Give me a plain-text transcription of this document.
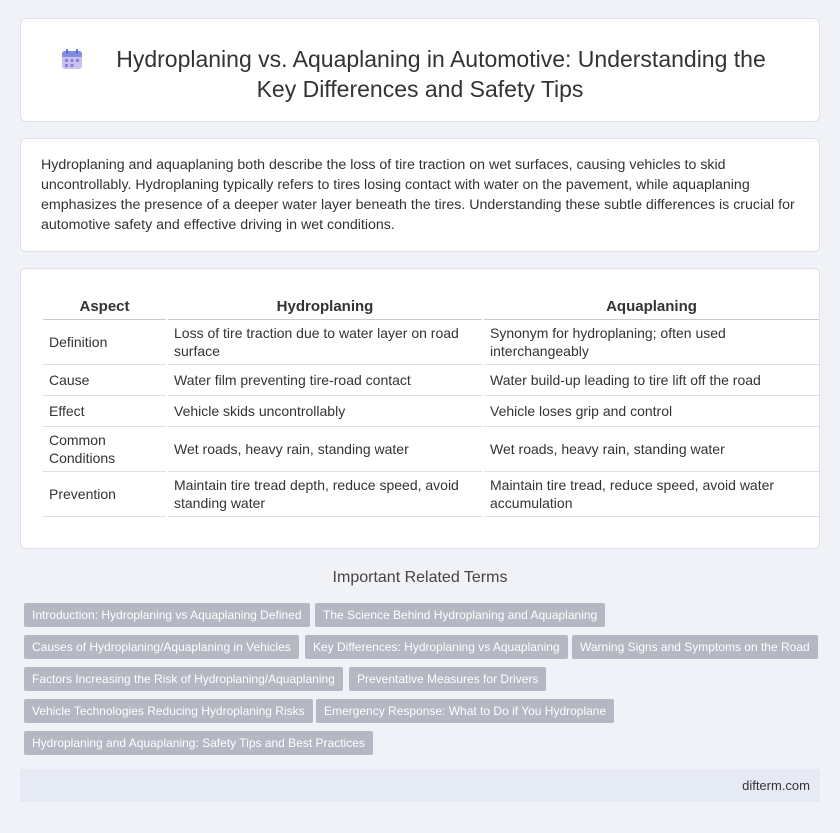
Hydroplaning vs. Aquaplaning in Automotive: Understanding the
Key Differences and Safety Tips

Hydroplaning and aquaplaning both describe the loss of tire traction on wet surfaces, causing vehicles to skid uncontrollably. Hydroplaning typically refers to tires losing contact with water on the pavement, while aquaplaning emphasizes the presence of a deeper water layer beneath the tires. Understanding these subtle differences is crucial for automotive safety and effective driving in wet conditions.

Aspect	Hydroplaning	Aquaplaning
Definition	Loss of tire traction due to water layer on road surface	Synonym for hydroplaning; often used interchangeably
Cause	Water film preventing tire-road contact	Water build-up leading to tire lift off the road
Effect	Vehicle skids uncontrollably	Vehicle loses grip and control
Common Conditions	Wet roads, heavy rain, standing water	Wet roads, heavy rain, standing water
Prevention	Maintain tire tread depth, reduce speed, avoid standing water	Maintain tire tread, reduce speed, avoid water accumulation
Important Related Terms
Introduction: Hydroplaning vs Aquaplaning Defined	The Science Behind Hydroplaning and Aquaplaning
Causes of Hydroplaning/Aquaplaning in Vehicles	Key Differences: Hydroplaning vs Aquaplaning	Warning Signs and Symptoms on the Road
Factors Increasing the Risk of Hydroplaning/Aquaplaning	Preventative Measures for Drivers
Vehicle Technologies Reducing Hydroplaning Risks	Emergency Response: What to Do if You Hydroplane
Hydroplaning and Aquaplaning: Safety Tips and Best Practices
difterm.com
